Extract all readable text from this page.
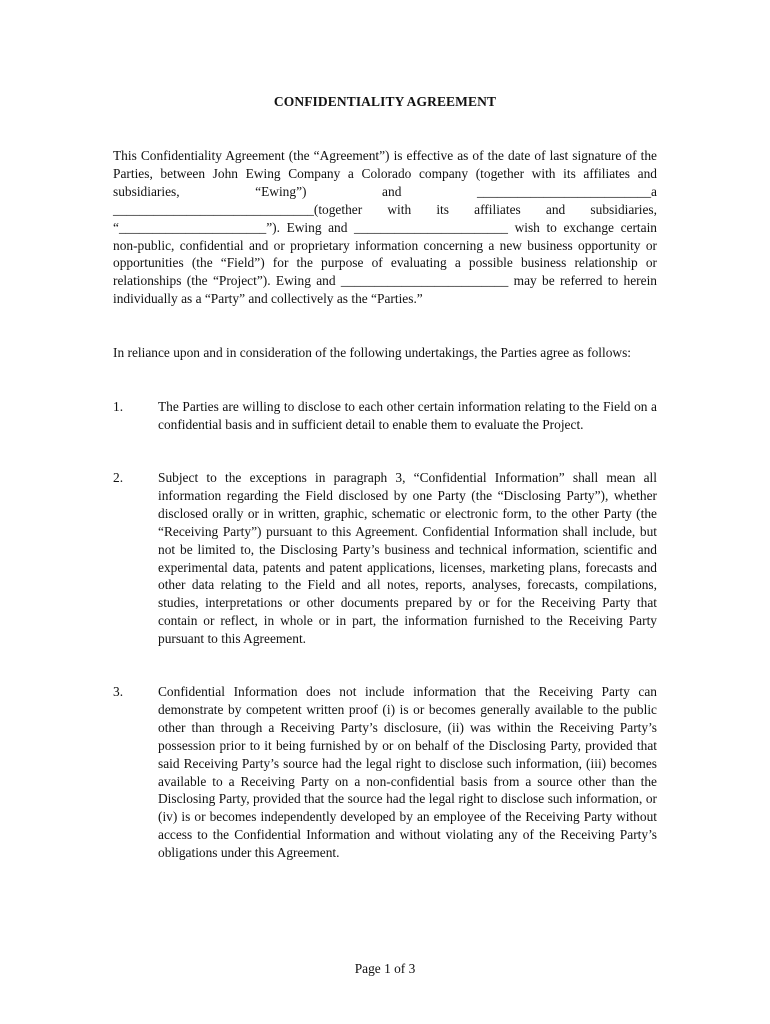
CONFIDENTIALITY AGREEMENT
This Confidentiality Agreement (the “Agreement”) is effective as of the date of last signature of the Parties, between John Ewing Company a Colorado company (together with its affiliates and subsidiaries, “Ewing”) and __________________________a ______________________________(together with its affiliates and subsidiaries, “______________________”). Ewing and _______________________ wish to exchange certain non-public, confidential and or proprietary information concerning a new business opportunity or opportunities (the “Field”) for the purpose of evaluating a possible business relationship or relationships (the “Project”). Ewing and _________________________ may be referred to herein individually as a “Party” and collectively as the “Parties.”
In reliance upon and in consideration of the following undertakings, the Parties agree as follows:
1.	The Parties are willing to disclose to each other certain information relating to the Field on a confidential basis and in sufficient detail to enable them to evaluate the Project.
2.	Subject to the exceptions in paragraph 3, “Confidential Information” shall mean all information regarding the Field disclosed by one Party (the “Disclosing Party”), whether disclosed orally or in written, graphic, schematic or electronic form, to the other Party (the “Receiving Party”) pursuant to this Agreement. Confidential Information shall include, but not be limited to, the Disclosing Party’s business and technical information, scientific and experimental data, patents and patent applications, licenses, marketing plans, forecasts and other data relating to the Field and all notes, reports, analyses, forecasts, compilations, studies, interpretations or other documents prepared by or for the Receiving Party that contain or reflect, in whole or in part, the information furnished to the Receiving Party pursuant to this Agreement.
3.	Confidential Information does not include information that the Receiving Party can demonstrate by competent written proof (i) is or becomes generally available to the public other than through a Receiving Party’s disclosure, (ii) was within the Receiving Party’s possession prior to it being furnished by or on behalf of the Disclosing Party, provided that said Receiving Party’s source had the legal right to disclose such information, (iii) becomes available to a Receiving Party on a non-confidential basis from a source other than the Disclosing Party, provided that the source had the legal right to disclose such information, or (iv) is or becomes independently developed by an employee of the Receiving Party without access to the Confidential Information and without violating any of the Receiving Party’s obligations under this Agreement.
Page 1 of 3
